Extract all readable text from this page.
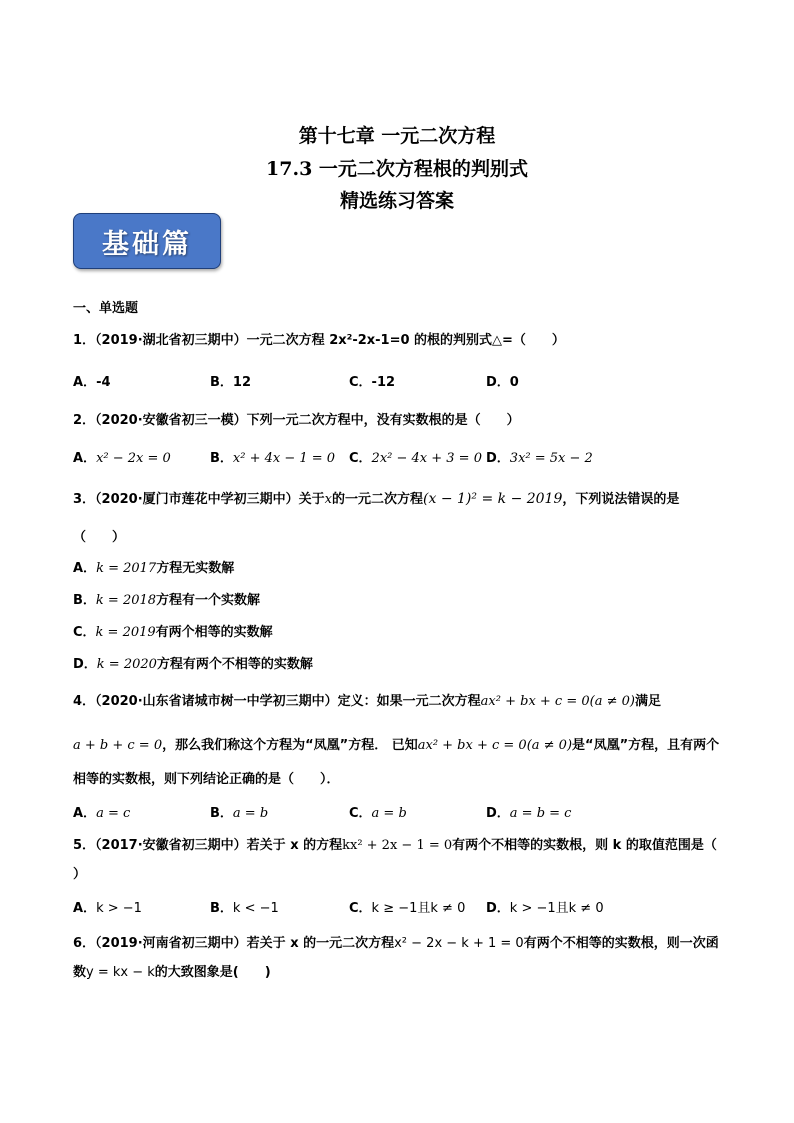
第十七章 一元二次方程
17.3 一元二次方程根的判别式
精选练习答案
基础篇
一、单选题
1．（2019·湖北省初三期中）一元二次方程 2x²-2x-1=0 的根的判别式△=（　　）
A．-4	B．12	C．-12	D．0
2．（2020·安徽省初三一模）下列一元二次方程中，没有实数根的是（　　）
A．x² − 2x = 0	B．x² + 4x − 1 = 0 C．2x² − 4x + 3 = 0 D．3x² = 5x − 2
3．（2020·厦门市莲花中学初三期中）关于x的一元二次方程(x − 1)² = k − 2019，下列说法错误的是
（　　）
A．k = 2017方程无实数解
B．k = 2018方程有一个实数解
C．k = 2019有两个相等的实数解
D．k = 2020方程有两个不相等的实数解
4．（2020·山东省诸城市树一中学初三期中）定义：如果一元二次方程ax² + bx + c = 0(a ≠ 0)满足
a + b + c = 0，那么我们称这个方程为“凤凰”方程． 已知ax² + bx + c = 0(a ≠ 0)是“凤凰”方程，且有两个
相等的实数根，则下列结论正确的是（　　）．
A．a = c	B．a = b	C．a = b	D．a = b = c
5．（2017·安徽省初三期中）若关于 x 的方程kx² + 2x − 1 = 0有两个不相等的实数根，则 k 的取值范围是（
）
A．k > −1	B．k < −1	C．k ≥ −1且k ≠ 0 D．k > −1且k ≠ 0
6．（2019·河南省初三期中）若关于 x 的一元二次方程x² − 2x − k + 1 = 0有两个不相等的实数根，则一次函
数y = kx − k的大致图象是(　　)
